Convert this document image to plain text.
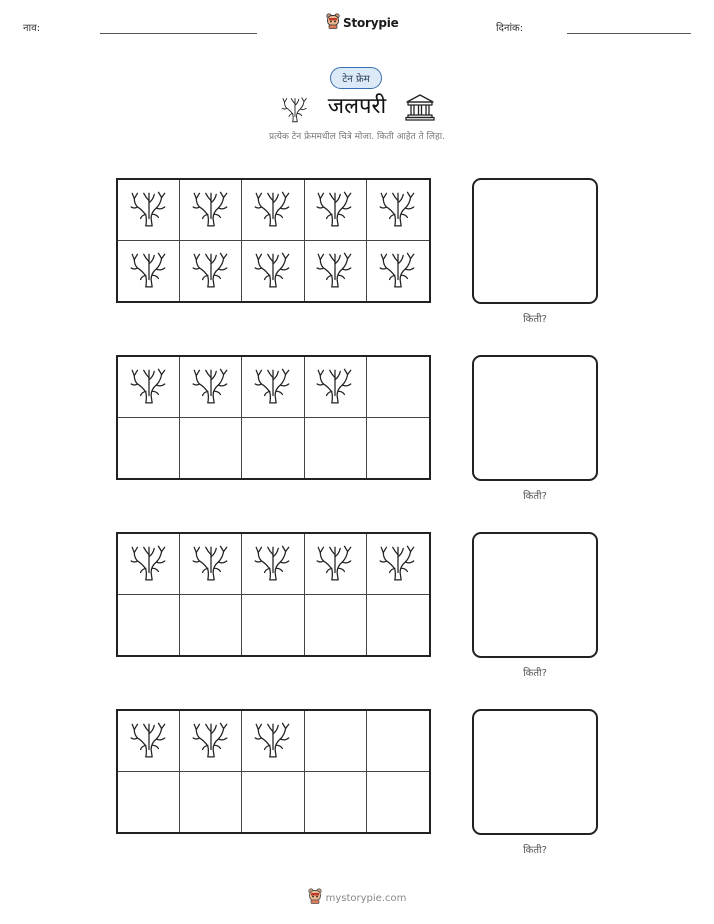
नाव:	Storypie	दिनांक:
टेन फ्रेम
जलपरी
प्रत्येक टेन फ्रेममधील चित्रे मोजा. किती आहेत ते लिहा.
किती?
किती?
किती?
किती?
mystorypie.com
